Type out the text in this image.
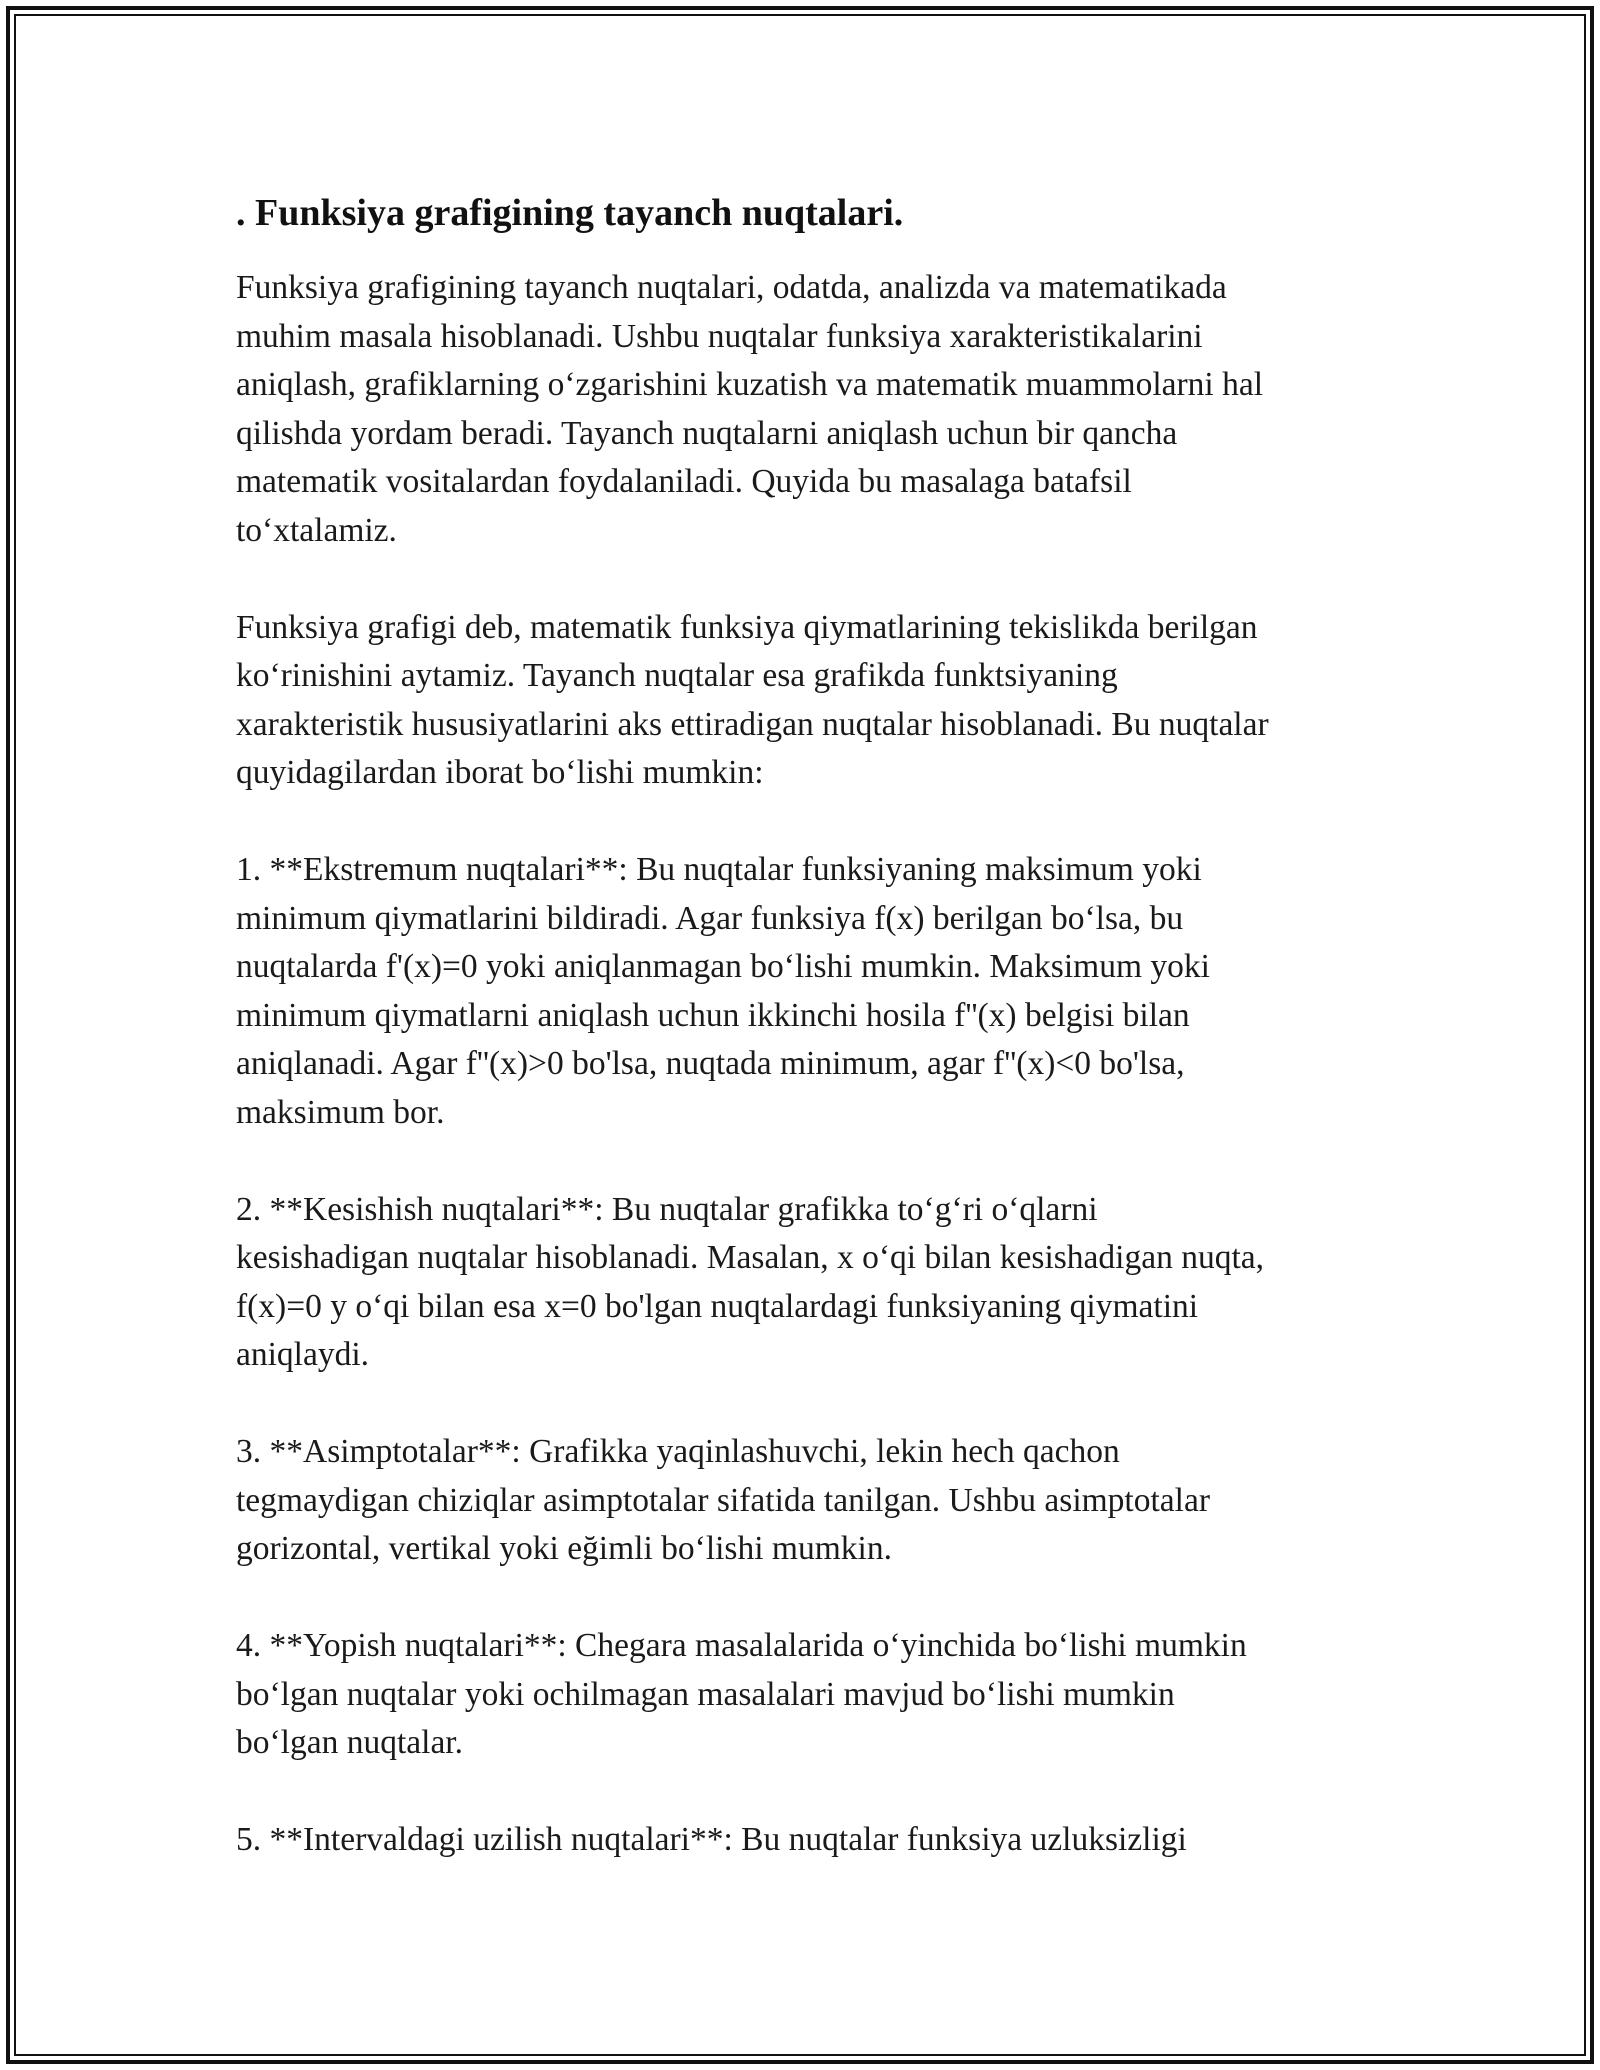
. Funksiya grafigining tayanch nuqtalari.

Funksiya grafigining tayanch nuqtalari, odatda, analizda va matematikada
muhim masala hisoblanadi. Ushbu nuqtalar funksiya xarakteristikalarini
aniqlash, grafiklarning o‘zgarishini kuzatish va matematik muammolarni hal
qilishda yordam beradi. Tayanch nuqtalarni aniqlash uchun bir qancha
matematik vositalardan foydalaniladi. Quyida bu masalaga batafsil
to‘xtalamiz.

Funksiya grafigi deb, matematik funksiya qiymatlarining tekislikda berilgan
ko‘rinishini aytamiz. Tayanch nuqtalar esa grafikda funktsiyaning
xarakteristik hususiyatlarini aks ettiradigan nuqtalar hisoblanadi. Bu nuqtalar
quyidagilardan iborat bo‘lishi mumkin:

1. **Ekstremum nuqtalari**: Bu nuqtalar funksiyaning maksimum yoki
minimum qiymatlarini bildiradi. Agar funksiya f(x) berilgan bo‘lsa, bu
nuqtalarda f'(x)=0 yoki aniqlanmagan bo‘lishi mumkin. Maksimum yoki
minimum qiymatlarni aniqlash uchun ikkinchi hosila f''(x) belgisi bilan
aniqlanadi. Agar f''(x)>0 bo'lsa, nuqtada minimum, agar f''(x)<0 bo'lsa,
maksimum bor.

2. **Kesishish nuqtalari**: Bu nuqtalar grafikka to‘g‘ri o‘qlarni
kesishadigan nuqtalar hisoblanadi. Masalan, x o‘qi bilan kesishadigan nuqta,
f(x)=0 y o‘qi bilan esa x=0 bo'lgan nuqtalardagi funksiyaning qiymatini
aniqlaydi.

3. **Asimptotalar**: Grafikka yaqinlashuvchi, lekin hech qachon
tegmaydigan chiziqlar asimptotalar sifatida tanilgan. Ushbu asimptotalar
gorizontal, vertikal yoki eğimli bo‘lishi mumkin.

4. **Yopish nuqtalari**: Chegara masalalarida o‘yinchida bo‘lishi mumkin
bo‘lgan nuqtalar yoki ochilmagan masalalari mavjud bo‘lishi mumkin
bo‘lgan nuqtalar.

5. **Intervaldagi uzilish nuqtalari**: Bu nuqtalar funksiya uzluksizligi
